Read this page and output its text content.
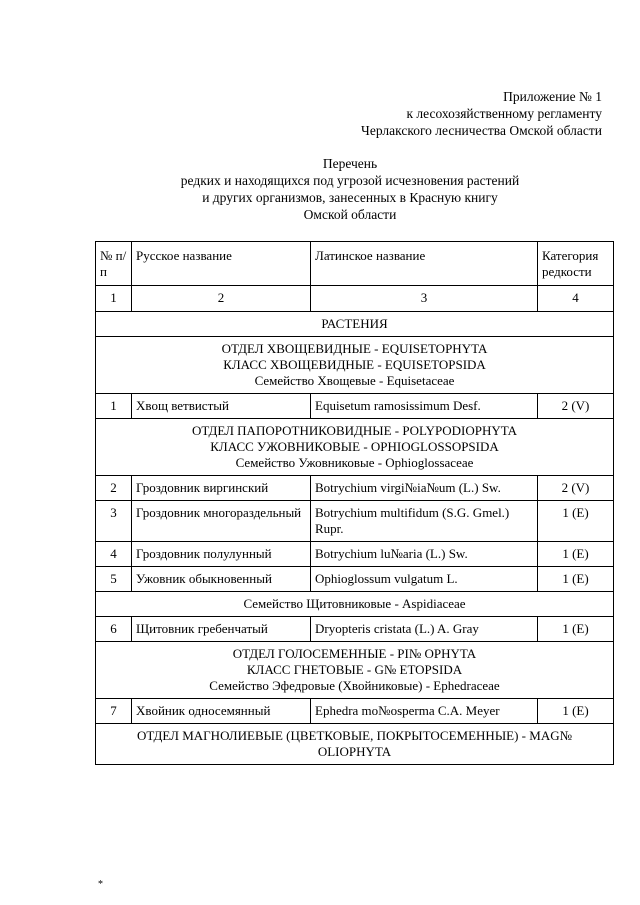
Приложение № 1
к лесохозяйственному регламенту
Черлакского лесничества Омской области
Перечень
редких и находящихся под угрозой исчезновения растений
и других организмов, занесенных в Красную книгу
Омской области
№ п/п	Русское название	Латинское название	Категория редкости
1	2	3	4
РАСТЕНИЯ			

ОТДЕЛ ХВОЩЕВИДНЫЕ - EQUISETOPHYTA
КЛАСС ХВОЩЕВИДНЫЕ - EQUISETOPSIDA
Семейство Хвощевые - Equisetaceae			

1	Хвощ ветвистый	Equisetum ramosissimum Desf.	2 (V)

ОТДЕЛ ПАПОРОТНИКОВИДНЫЕ - POLYPODIOPHYTA
КЛАСС УЖОВНИКОВЫЕ - OPHIOGLOSSOPSIDA
Семейство Ужовниковые - Ophioglossaceae			

2	Гроздовник виргинский	Botrychium virgi№ia№um (L.) Sw.	2 (V)
3	Гроздовник многораздельный	Botrychium multifidum (S.G. Gmel.) Rupr.	1 (E)
4	Гроздовник полулунный	Botrychium lu№aria (L.) Sw.	1 (E)
5	Ужовник обыкновенный	Ophioglossum vulgatum L.	1 (E)

Семейство Щитовниковые - Aspidiaceae			

6	Щитовник гребенчатый	Dryopteris cristata (L.) A. Gray	1 (E)

ОТДЕЛ ГОЛОСЕМЕННЫЕ - PI№ OPHYTA
КЛАСС ГНЕТОВЫЕ - G№ ETOPSIDA
Семейство Эфедровые (Хвойниковые) - Ephedraceae			

7	Хвойник односемянный	Ephedra mo№osperma C.A. Meyer	1 (E)

ОТДЕЛ МАГНОЛИЕВЫЕ (ЦВЕТКОВЫЕ, ПОКРЫТОСЕМЕННЫЕ) - MAG№ OLIOPHYTA			
*
